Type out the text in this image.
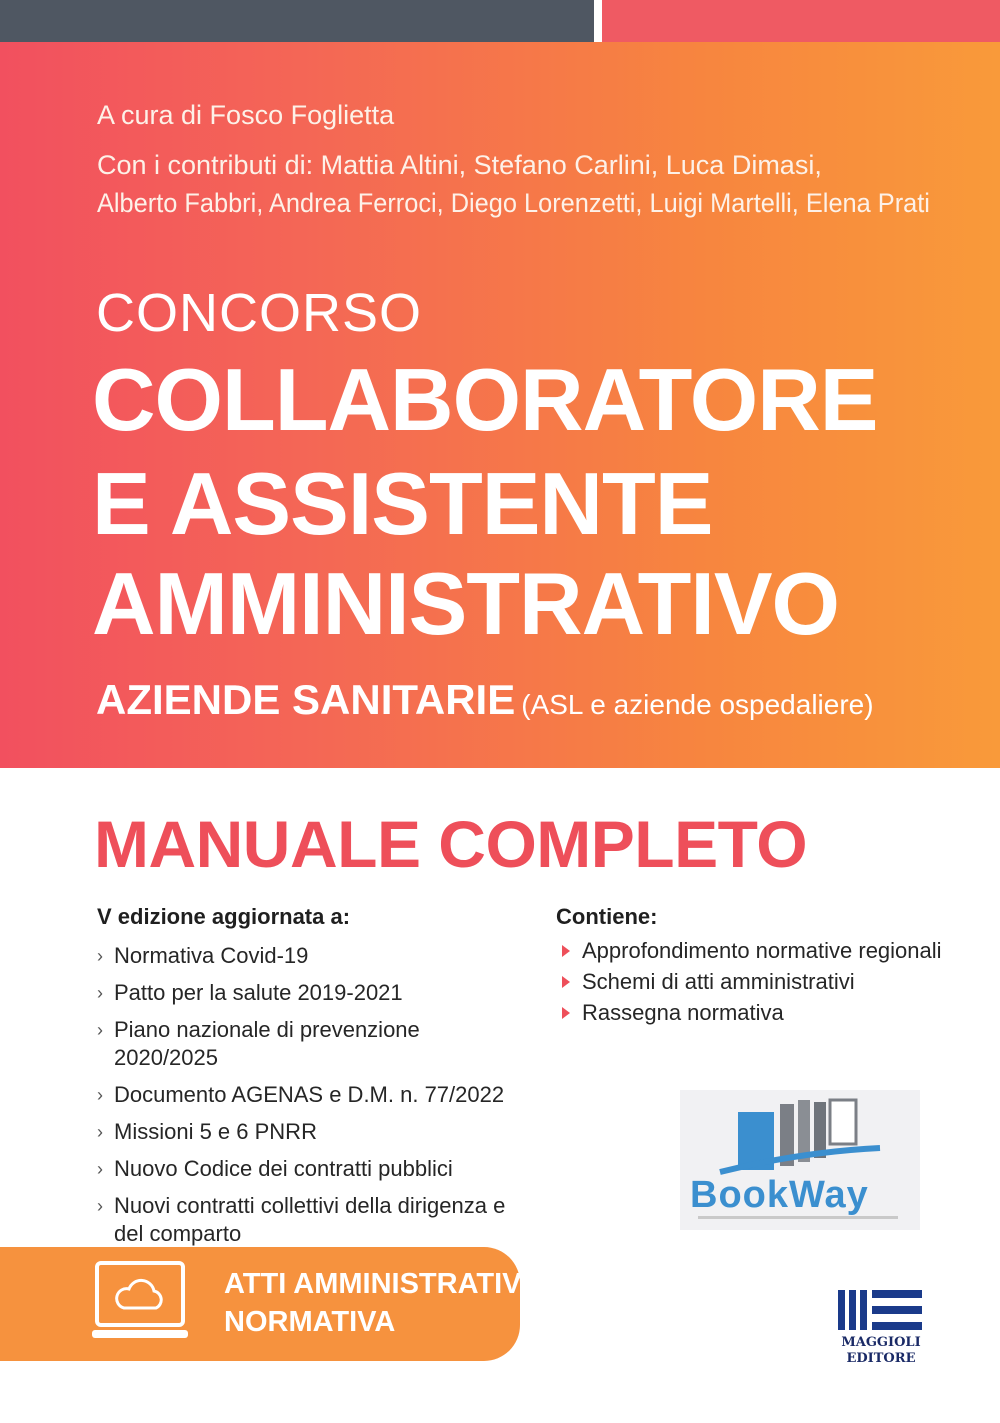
A cura di Fosco Foglietta
Con i contributi di: Mattia Altini, Stefano Carlini, Luca Dimasi,
Alberto Fabbri, Andrea Ferroci, Diego Lorenzetti, Luigi Martelli, Elena Prati
CONCORSO
COLLABORATORE
E ASSISTENTE
AMMINISTRATIVO
AZIENDE SANITARIE (ASL e aziende ospedaliere)
MANUALE COMPLETO
V edizione aggiornata a:
› Normativa Covid-19
› Patto per la salute 2019-2021
› Piano nazionale di prevenzione 2020/2025
› Documento AGENAS e D.M. n. 77/2022
› Missioni 5 e 6 PNRR
› Nuovo Codice dei contratti pubblici
› Nuovi contratti collettivi della dirigenza e del comparto
Contiene:
Approfondimento normative regionali
Schemi di atti amministrativi
Rassegna normativa
BookWay
ATTI AMMINISTRATIVI
NORMATIVA
MAGGIOLI
EDITORE
